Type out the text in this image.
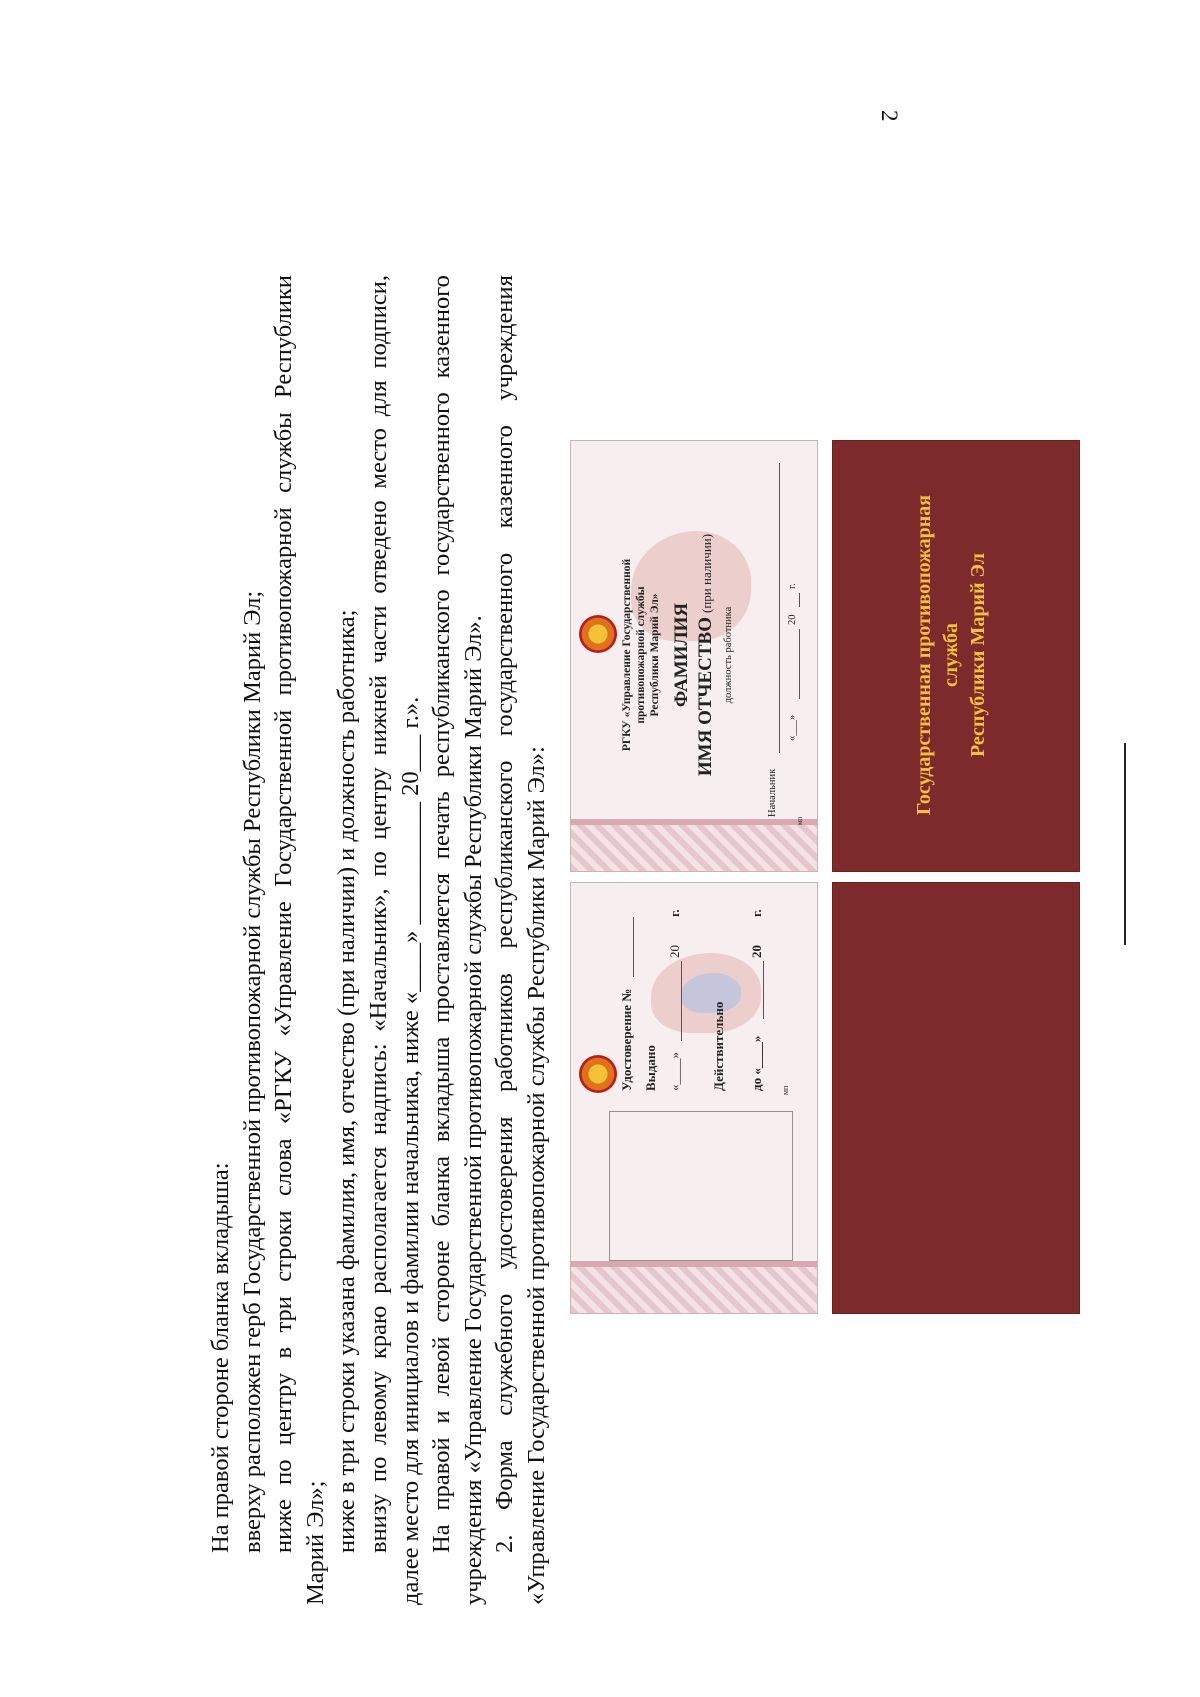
2

На правой стороне бланка вкладыша: вверху расположен герб Государственной противопожарной службы Республики Марий Эл; ниже
по
центру
в
три
строки
слова
«РГКУ
«Управление
Государственной
противопожарной
службы
Республики

Марий Эл»; ниже в три строки указана фамилия, имя, отчество (при наличии) и должность работника; внизу
по
левому
краю
располагается
надпись:
«Начальник»,
по
центру
нижней
части
отведено
место
для
подписи,

далее место для инициалов и фамилии начальника, ниже «____» __________ 20___ г.». На
правой
и
левой
стороне
бланка
вкладыша
проставляется
печать
республиканского
государственного
казенного

учреждения «Управление Государственной противопожарной службы Республики Марий Эл». 2.
Форма
служебного
удостоверения
работников
республиканского
государственного
казенного
учреждения

«Управление Государственной противопожарной службы Республики Марий Эл»:	Удостоверение № Выдано «____»
20
г.
Действительно до «____»
20
г.
мп
РГКУ «Управление Государственной противопожарной службы Республики Марий Эл» ФАМИЛИЯ ИМЯ ОТЧЕСТВО (при наличии)
должность работника
Начальник
«___»
20
г.
мп
Государственная противопожарная служба Республики Марий Эл
